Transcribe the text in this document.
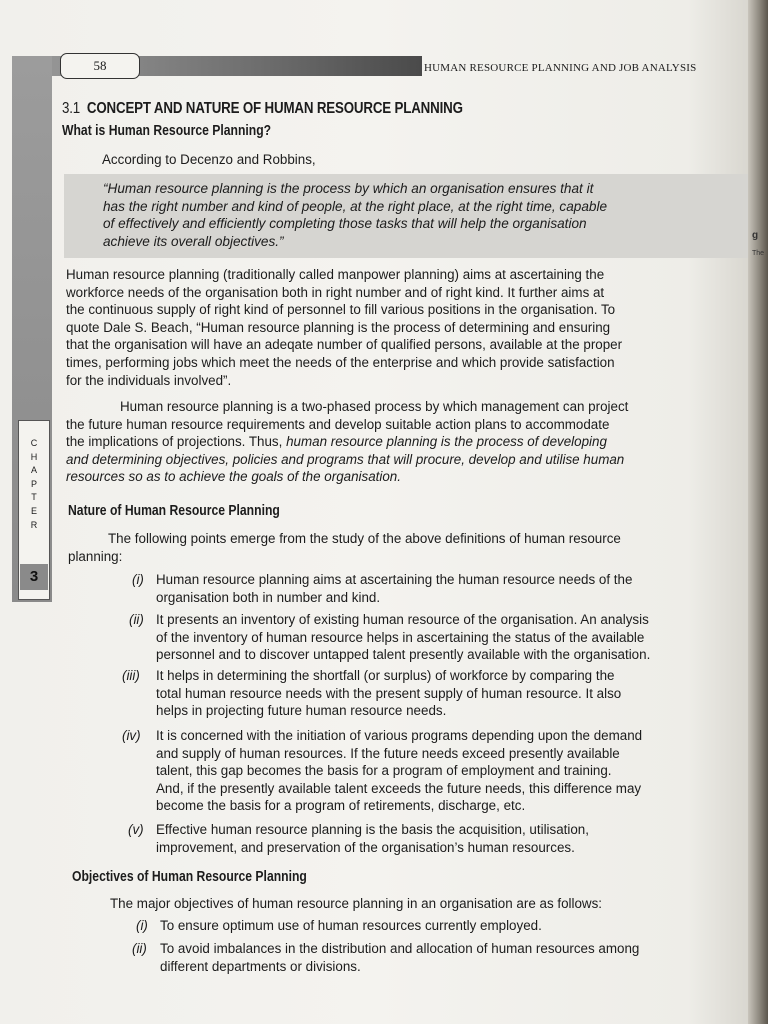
58	HUMAN RESOURCE PLANNING AND JOB ANALYSIS
C
H
A
P
T
E
R
3
3.1 CONCEPT AND NATURE OF HUMAN RESOURCE PLANNING
What is Human Resource Planning?
According to Decenzo and Robbins,
“Human resource planning is the process by which an organisation ensures that it
has the right number and kind of people, at the right place, at the right time, capable
of effectively and efficiently completing those tasks that will help the organisation
achieve its overall objectives.”
Human resource planning (traditionally called manpower planning) aims at ascertaining the
workforce needs of the organisation both in right number and of right kind. It further aims at
the continuous supply of right kind of personnel to fill various positions in the organisation. To
quote Dale S. Beach, “Human resource planning is the process of determining and ensuring
that the organisation will have an adeqate number of qualified persons, available at the proper
times, performing jobs which meet the needs of the enterprise and which provide satisfaction
for the individuals involved”.
Human resource planning is a two-phased process by which management can project
the future human resource requirements and develop suitable action plans to accommodate
the implications of projections. Thus, human resource planning is the process of developing
and determining objectives, policies and programs that will procure, develop and utilise human
resources so as to achieve the goals of the organisation.
Nature of Human Resource Planning
The following points emerge from the study of the above definitions of human resource
planning:
(i) Human resource planning aims at ascertaining the human resource needs of the
organisation both in number and kind.
(ii) It presents an inventory of existing human resource of the organisation. An analysis
of the inventory of human resource helps in ascertaining the status of the available
personnel and to discover untapped talent presently available with the organisation.
(iii) It helps in determining the shortfall (or surplus) of workforce by comparing the
total human resource needs with the present supply of human resource. It also
helps in projecting future human resource needs.
(iv) It is concerned with the initiation of various programs depending upon the demand
and supply of human resources. If the future needs exceed presently available
talent, this gap becomes the basis for a program of employment and training.
And, if the presently available talent exceeds the future needs, this difference may
become the basis for a program of retirements, discharge, etc.
(v) Effective human resource planning is the basis the acquisition, utilisation,
improvement, and preservation of the organisation’s human resources.
Objectives of Human Resource Planning
The major objectives of human resource planning in an organisation are as follows:
(i) To ensure optimum use of human resources currently employed.
(ii) To avoid imbalances in the distribution and allocation of human resources among
different departments or divisions.
g
The
